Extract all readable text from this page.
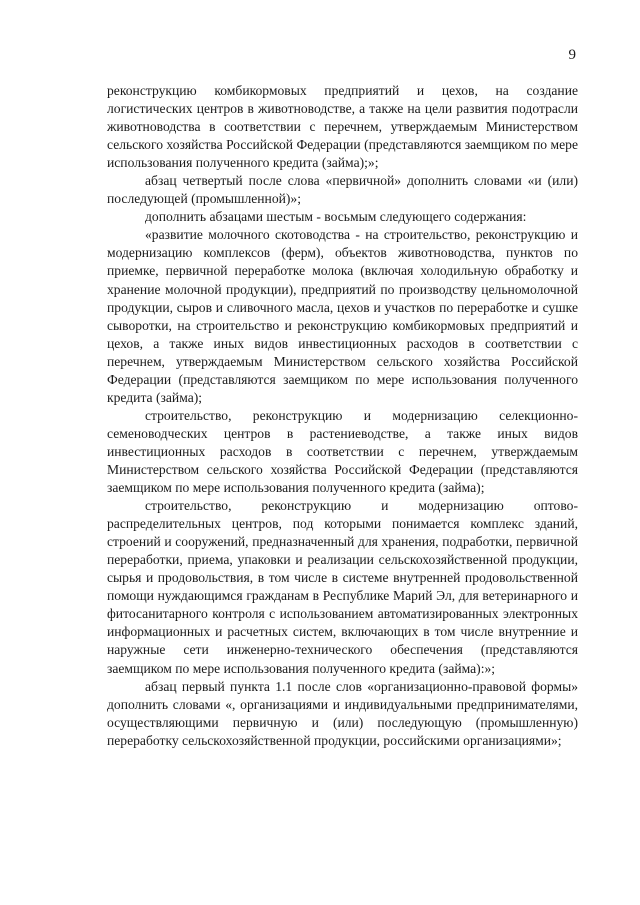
9

реконструкцию комбикормовых предприятий и цехов, на создание логистических центров в животноводстве, а также на цели развития подотрасли животноводства в соответствии с перечнем, утверждаемым Министерством сельского хозяйства Российской Федерации (представляются заемщиком по мере использования полученного кредита (займа);»;

абзац четвертый после слова «первичной» дополнить словами «и (или) последующей (промышленной)»;

дополнить абзацами шестым - восьмым следующего содержания:

«развитие молочного скотоводства - на строительство, реконструкцию и модернизацию комплексов (ферм), объектов животноводства, пунктов по приемке, первичной переработке молока (включая холодильную обработку и хранение молочной продукции), предприятий по производству цельномолочной продукции, сыров и сливочного масла, цехов и участков по переработке и сушке сыворотки, на строительство и реконструкцию комбикормовых предприятий и цехов, а также иных видов инвестиционных расходов в соответствии с перечнем, утверждаемым Министерством сельского хозяйства Российской Федерации (представляются заемщиком по мере использования полученного кредита (займа);

строительство, реконструкцию и модернизацию селекционно-семеноводческих центров в растениеводстве, а также иных видов инвестиционных расходов в соответствии с перечнем, утверждаемым Министерством сельского хозяйства Российской Федерации (представляются заемщиком по мере использования полученного кредита (займа);

строительство, реконструкцию и модернизацию оптово-распределительных центров, под которыми понимается комплекс зданий, строений и сооружений, предназначенный для хранения, подработки, первичной переработки, приема, упаковки и реализации сельскохозяйственной продукции, сырья и продовольствия, в том числе в системе внутренней продовольственной помощи нуждающимся гражданам в Республике Марий Эл, для ветеринарного и фитосанитарного контроля с использованием автоматизированных электронных информационных и расчетных систем, включающих в том числе внутренние и наружные сети инженерно-технического обеспечения (представляются заемщиком по мере использования полученного кредита (займа):»;

абзац первый пункта 1.1 после слов «организационно-правовой формы» дополнить словами «, организациями и индивидуальными предпринимателями, осуществляющими первичную и (или) последующую (промышленную) переработку сельскохозяйственной продукции, российскими организациями»;
